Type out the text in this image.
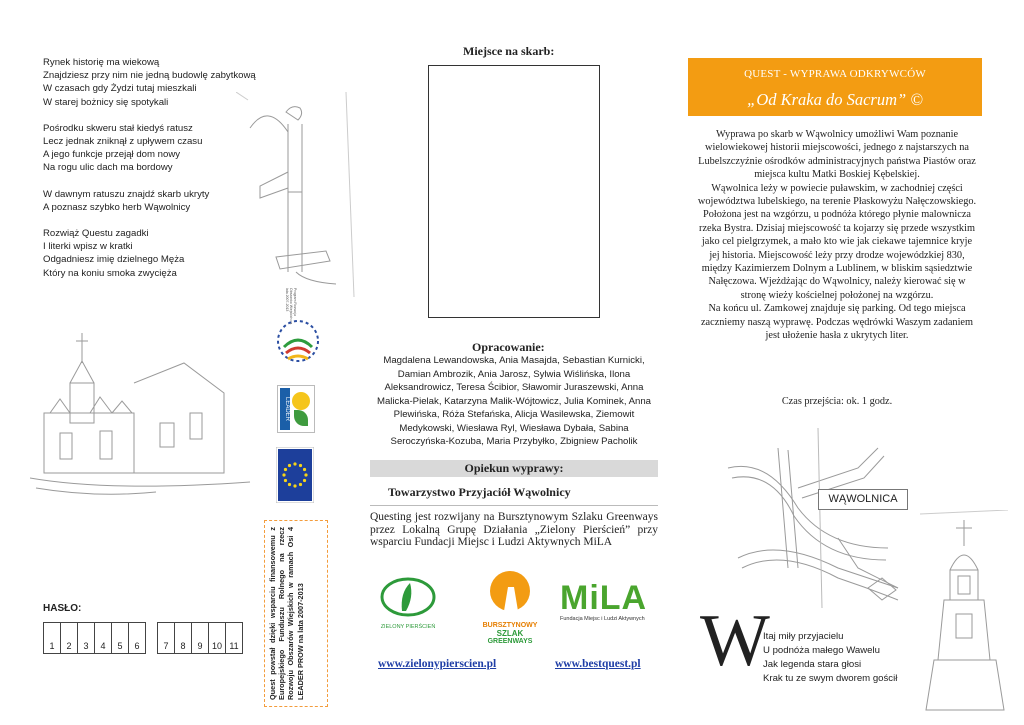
Rynek historię ma wiekową
Znajdziesz przy nim nie jedną budowlę zabytkową
W czasach gdy Żydzi tutaj mieszkali
W starej bożnicy się spotykali
Pośrodku skweru stał kiedyś ratusz
Lecz jednak zniknął z upływem czasu
A jego funkcje przejął dom nowy
Na rogu ulic dach ma bordowy
W dawnym ratuszu znajdź skarb ukryty
A poznasz szybko herb Wąwolnicy
Rozwiąż Questu zagadki
I literki wpisz w kratki
Odgadniesz imię dzielnego Męża
Który na koniu smoka zwycięża
Program Rozwoju Obszarów Wiejskich na lata 2007-2013
LEADER
HASŁO:
1	2	3	4	5	6	7	8	9	10	11	Quest powstał dzięki wsparciu finansowemu z Europejskiego Funduszu Rolnego na rzecz Rozwoju Obszarów Wiejskich w ramach Osi 4 LEADER PROW na lata 2007-2013
Miejsce na skarb:
Opracowanie:
Magdalena Lewandowska, Ania Masajda, Sebastian Kurnicki, Damian Ambrozik, Ania Jarosz, Sylwia Wiślińska, Ilona Aleksandrowicz, Teresa Ścibior, Sławomir Juraszewski, Anna Malicka-Pielak, Katarzyna Malik-Wójtowicz, Julia Kominek, Anna Plewińska, Róża Stefańska, Alicja Wasilewska, Ziemowit Medykowski, Wiesława Ryl, Wiesława Dybała, Sabina Seroczyńska-Kozuba, Maria Przybyłko, Zbigniew Pacholik
Opiekun wyprawy:
Towarzystwo Przyjaciół Wąwolnicy
Questing jest rozwijany na Bursztynowym Szlaku Greenways przez Lokalną Grupę Działania „Zielony Pierścień” przy wsparciu Fundacji Miejsc i Ludzi Aktywnych MiLA
ZIELONY PIERŚCIEŃ	BURSZTYNOWY
SZLAK
GREENWAYS
MiLA
Fundacja Miejsc i Ludzi Aktywnych
www.zielonypierscien.pl	www.bestquest.pl
QUEST - WYPRAWA ODKRYWCÓW
„Od Kraka do Sacrum” ©
Wyprawa po skarb w Wąwolnicy umożliwi Wam poznanie wielowiekowej historii miejscowości, jednego z najstarszych na Lubelszczyźnie ośrodków administracyjnych państwa Piastów oraz miejsca kultu Matki Boskiej Kębelskiej.
Wąwolnica leży w powiecie puławskim, w zachodniej części województwa lubelskiego, na terenie Płaskowyżu Nałęczowskiego. Położona jest na wzgórzu, u podnóża którego płynie malownicza rzeka Bystra. Dzisiaj miejscowość ta kojarzy się przede wszystkim jako cel pielgrzymek, a mało kto wie jak ciekawe tajemnice kryje jej historia. Miejscowość leży przy drodze wojewódzkiej 830, między Kazimierzem Dolnym a Lublinem, w bliskim sąsiedztwie Nałęczowa. Wjeżdżając do Wąwolnicy, należy kierować się w stronę wieży kościelnej położonej na wzgórzu.
Na końcu ul. Zamkowej znajduje się parking. Od tego miejsca zaczniemy naszą wyprawę. Podczas wędrówki Waszym zadaniem jest ułożenie hasła z ukrytych liter.
Czas przejścia: ok. 1 godz.
WĄWOLNICA
W
Itaj miły przyjacielu
U podnóża małego Wawelu
Jak legenda stara głosi
Krak tu ze swym dworem gościł
